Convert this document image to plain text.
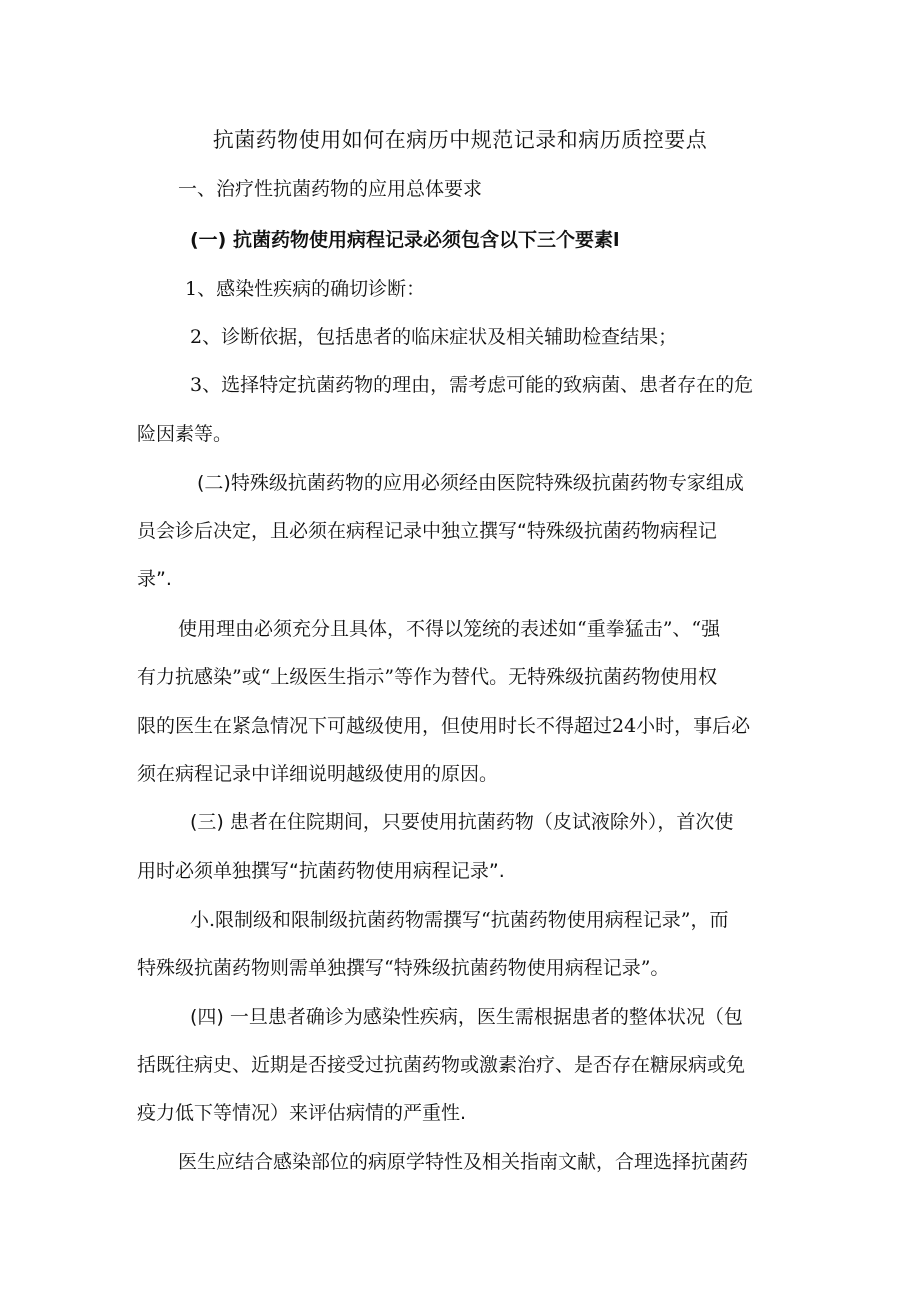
抗菌药物使用如何在病历中规范记录和病历质控要点

一、治疗性抗菌药物的应用总体要求

(一) 抗菌药物使用病程记录必须包含以下三个要素l

1、感染性疾病的确切诊断：

2、诊断依据，包括患者的临床症状及相关辅助检查结果；

3、选择特定抗菌药物的理由，需考虑可能的致病菌、患者存在的危

险因素等。

(二)特殊级抗菌药物的应用必须经由医院特殊级抗菌药物专家组成

员会诊后决定，且必须在病程记录中独立撰写“特殊级抗菌药物病程记

录”.

使用理由必须充分且具体，不得以笼统的表述如“重拳猛击”、“强

有力抗感染”或“上级医生指示”等作为替代。无特殊级抗菌药物使用权

限的医生在紧急情况下可越级使用，但使用时长不得超过24小时，事后必

须在病程记录中详细说明越级使用的原因。

(三) 患者在住院期间，只要使用抗菌药物（皮试液除外），首次使

用时必须单独撰写“抗菌药物使用病程记录”.

小.限制级和限制级抗菌药物需撰写“抗菌药物使用病程记录”，而

特殊级抗菌药物则需单独撰写“特殊级抗菌药物使用病程记录”。

(四) 一旦患者确诊为感染性疾病，医生需根据患者的整体状况（包

括既往病史、近期是否接受过抗菌药物或激素治疗、是否存在糖尿病或免

疫力低下等情况）来评估病情的严重性.

医生应结合感染部位的病原学特性及相关指南文献，合理选择抗菌药
